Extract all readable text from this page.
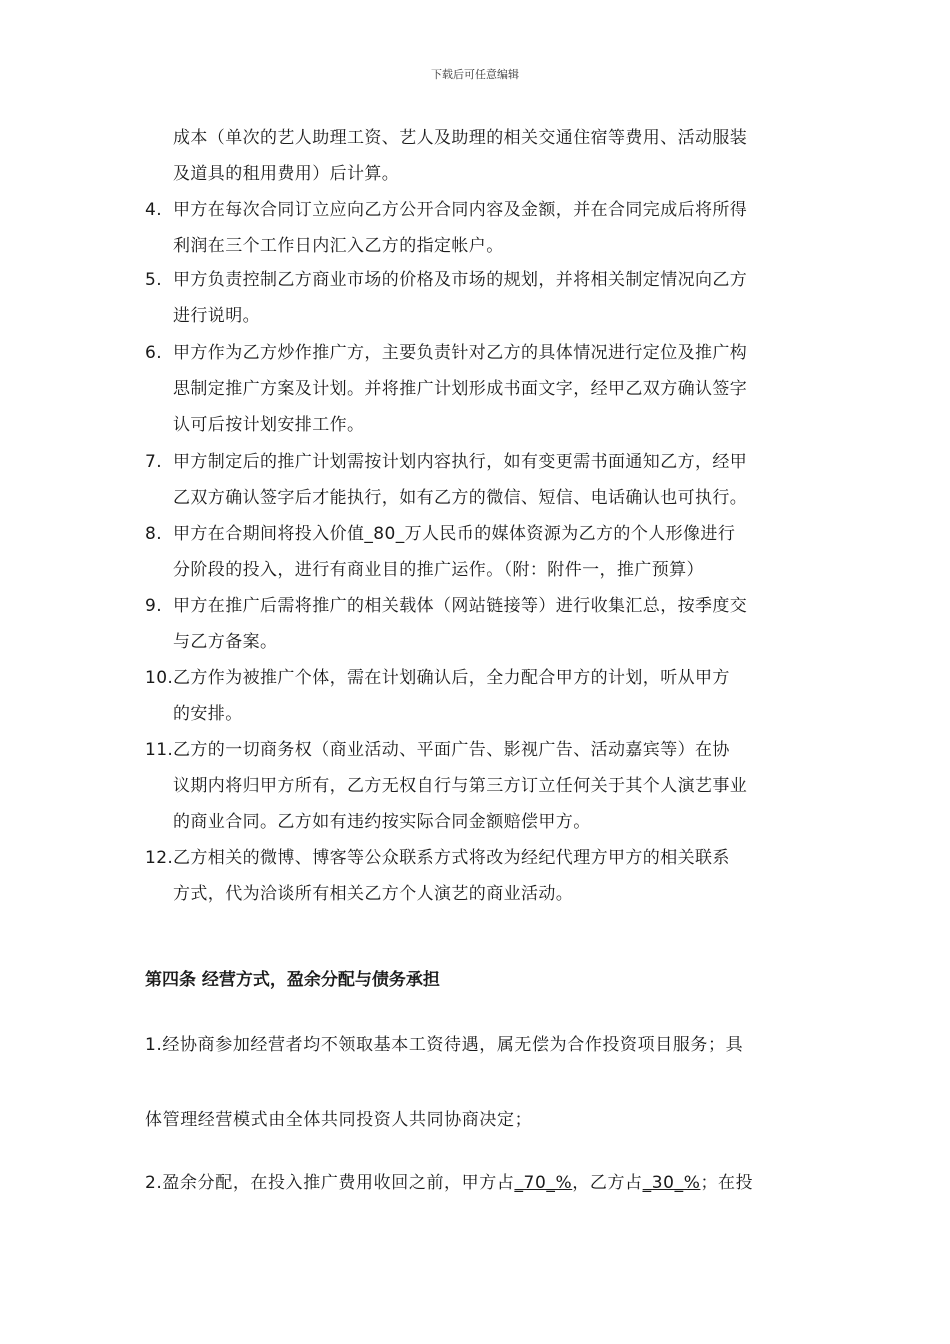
下载后可任意编辑
成本（单次的艺人助理工资、艺人及助理的相关交通住宿等费用、活动服装
及道具的租用费用）后计算。
4. 甲方在每次合同订立应向乙方公开合同内容及金额，并在合同完成后将所得
利润在三个工作日内汇入乙方的指定帐户。
5. 甲方负责控制乙方商业市场的价格及市场的规划，并将相关制定情况向乙方
进行说明。
6. 甲方作为乙方炒作推广方，主要负责针对乙方的具体情况进行定位及推广构
思制定推广方案及计划。并将推广计划形成书面文字，经甲乙双方确认签字
认可后按计划安排工作。
7. 甲方制定后的推广计划需按计划内容执行，如有变更需书面通知乙方，经甲
乙双方确认签字后才能执行，如有乙方的微信、短信、电话确认也可执行。
8. 甲方在合期间将投入价值_80_万人民币的媒体资源为乙方的个人形像进行
分阶段的投入，进行有商业目的推广运作。（附：附件一，推广预算）
9. 甲方在推广后需将推广的相关载体（网站链接等）进行收集汇总，按季度交
与乙方备案。
10. 乙方作为被推广个体，需在计划确认后，全力配合甲方的计划，听从甲方
的安排。
11. 乙方的一切商务权（商业活动、平面广告、影视广告、活动嘉宾等）在协
议期内将归甲方所有，乙方无权自行与第三方订立任何关于其个人演艺事业
的商业合同。乙方如有违约按实际合同金额赔偿甲方。
12. 乙方相关的微博、博客等公众联系方式将改为经纪代理方甲方的相关联系
方式，代为洽谈所有相关乙方个人演艺的商业活动。
第四条 经营方式，盈余分配与债务承担
1.经协商参加经营者均不领取基本工资待遇，属无偿为合作投资项目服务；具
体管理经营模式由全体共同投资人共同协商决定；
2.盈余分配，在投入推广费用收回之前，甲方占_70_%，乙方占_30_%；在投
